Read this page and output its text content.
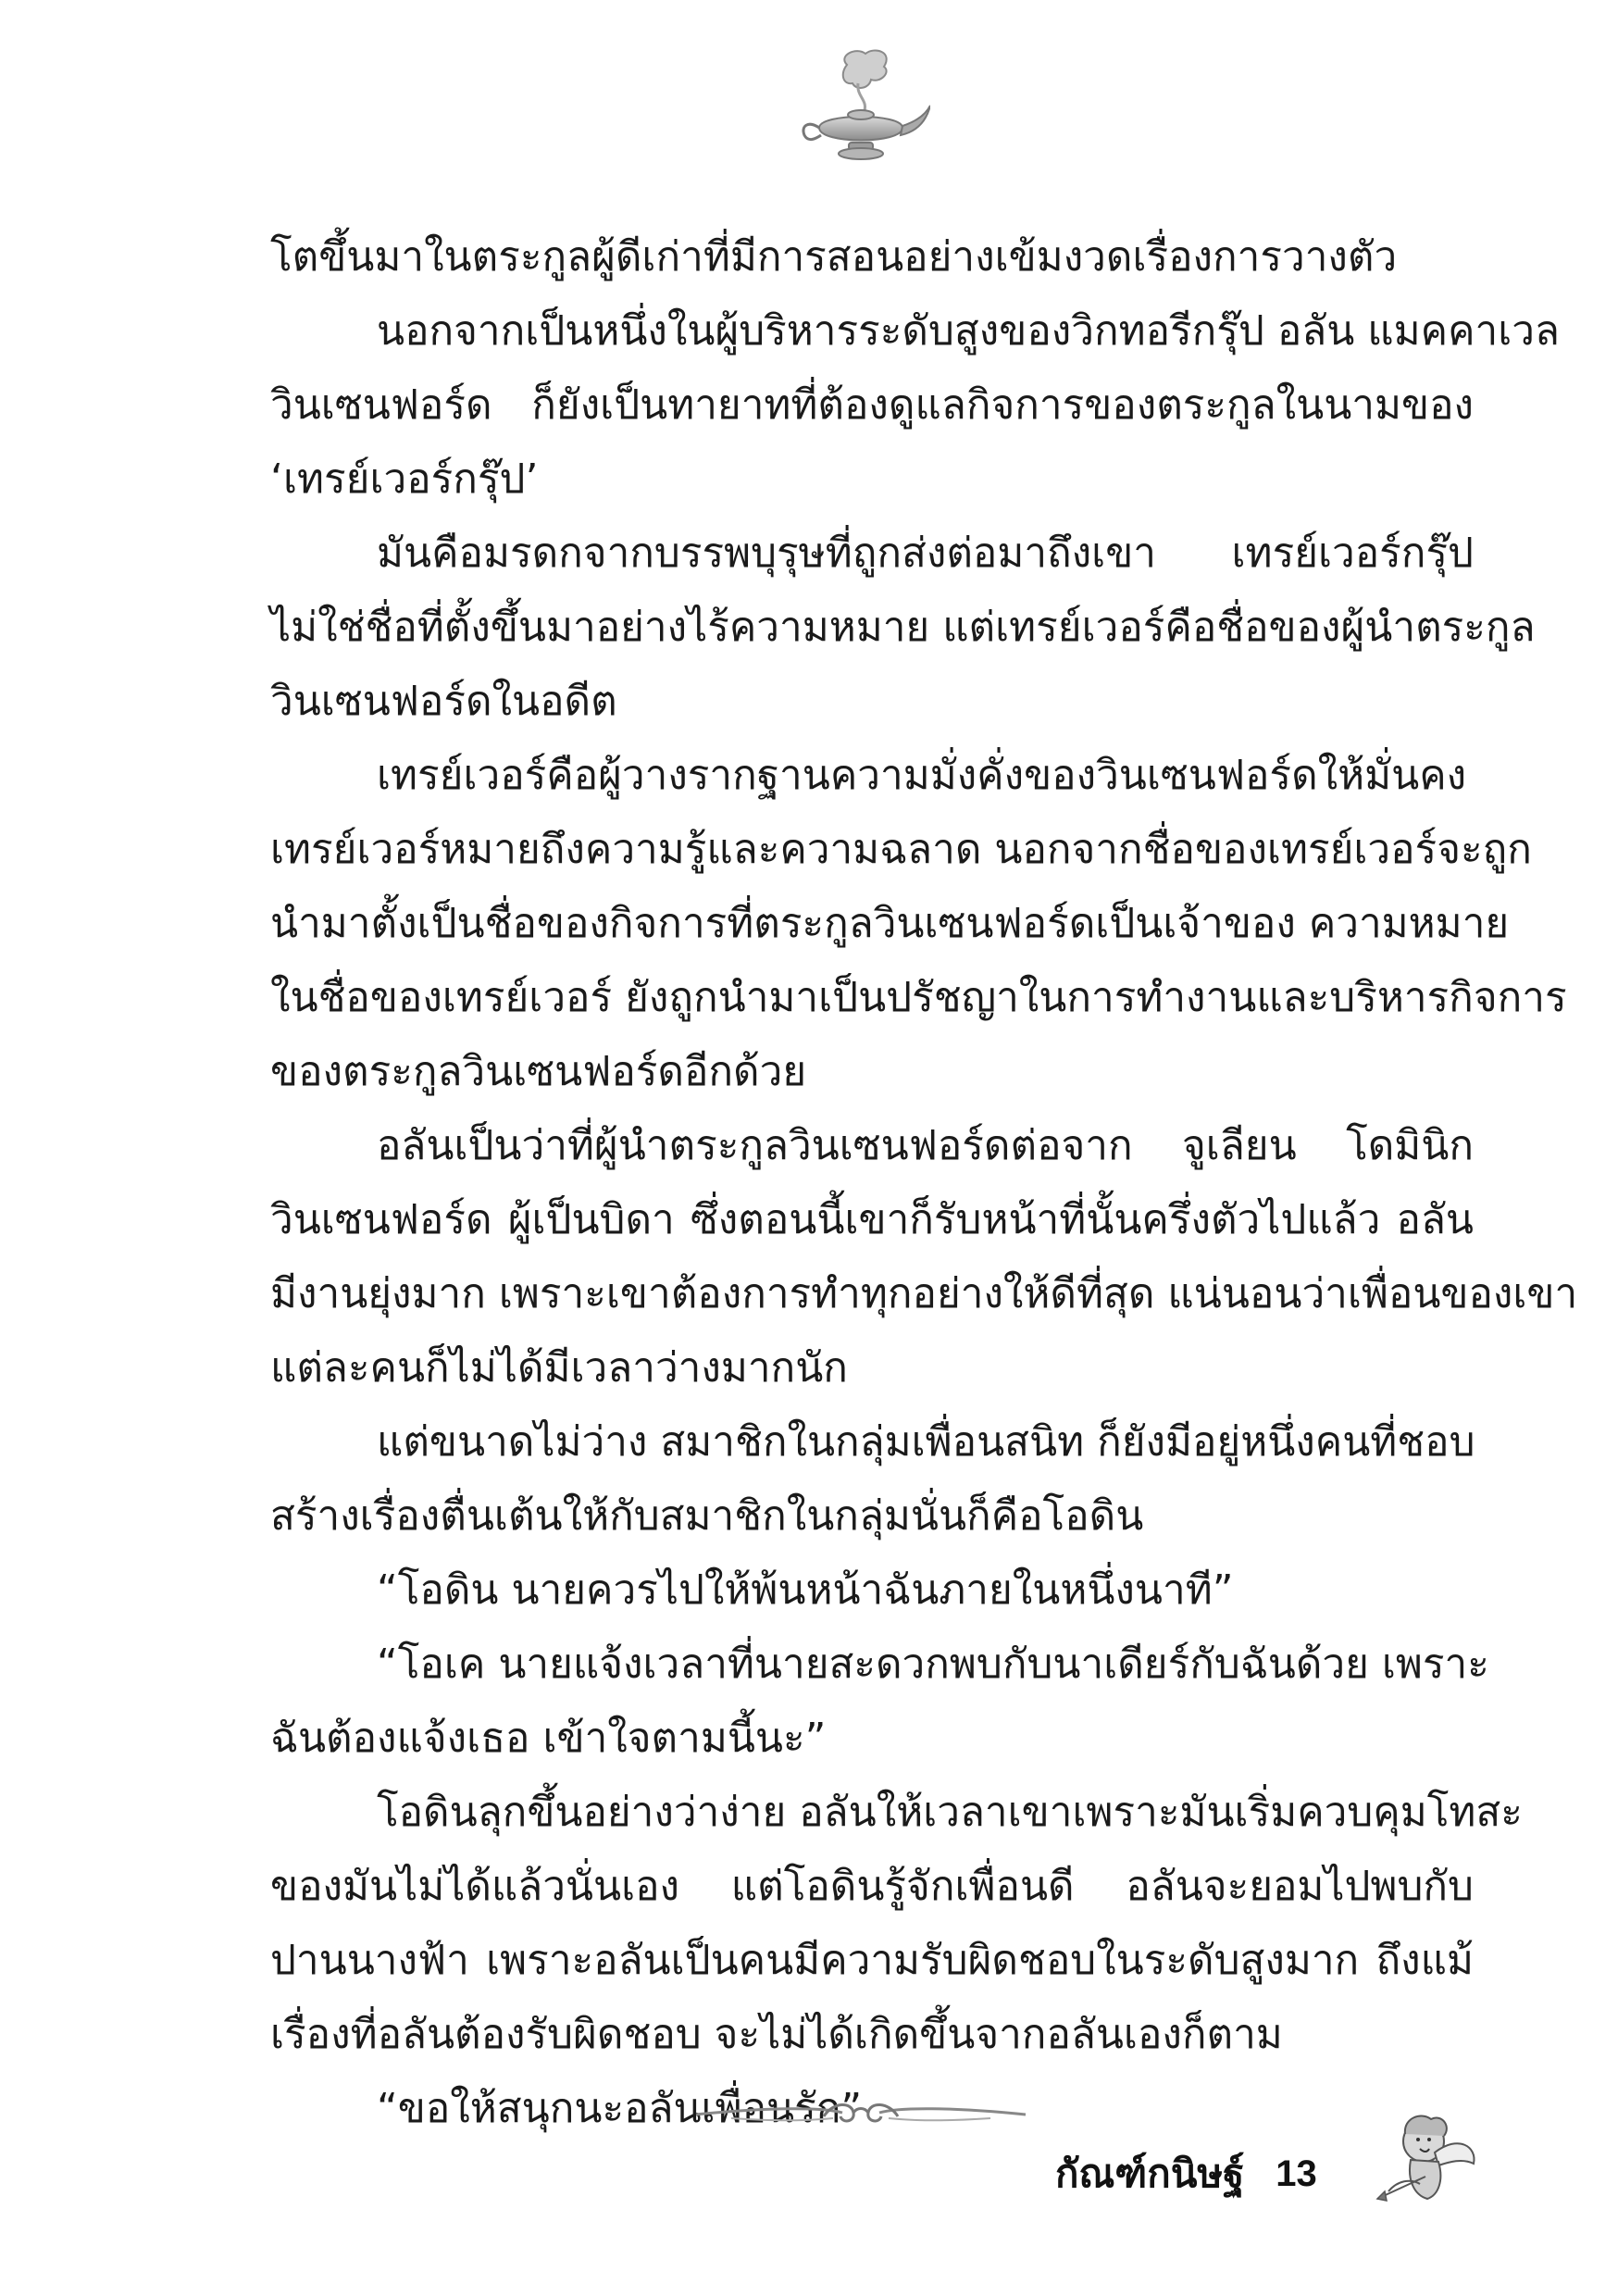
โตขึ้นมาในตระกูลผู้ดีเก่าที่มีการสอนอย่างเข้มงวดเรื่องการวางตัว
นอกจากเป็นหนึ่งในผู้บริหารระดับสูงของวิกทอรีกรุ๊ป อลัน แมคคาเวล
วินเซนฟอร์ด ก็ยังเป็นทายาทที่ต้องดูแลกิจการของตระกูลในนามของ
‘เทรย์เวอร์กรุ๊ป’
มันคือมรดกจากบรรพบุรุษที่ถูกส่งต่อมาถึงเขา เทรย์เวอร์กรุ๊ป
ไม่ใช่ชื่อที่ตั้งขึ้นมาอย่างไร้ความหมาย แต่เทรย์เวอร์คือชื่อของผู้นำตระกูล
วินเซนฟอร์ดในอดีต
เทรย์เวอร์คือผู้วางรากฐานความมั่งคั่งของวินเซนฟอร์ดให้มั่นคง
เทรย์เวอร์หมายถึงความรู้และความฉลาด นอกจากชื่อของเทรย์เวอร์จะถูก
นำมาตั้งเป็นชื่อของกิจการที่ตระกูลวินเซนฟอร์ดเป็นเจ้าของ ความหมาย
ในชื่อของเทรย์เวอร์ ยังถูกนำมาเป็นปรัชญาในการทำงานและบริหารกิจการ
ของตระกูลวินเซนฟอร์ดอีกด้วย
อลันเป็นว่าที่ผู้นำตระกูลวินเซนฟอร์ดต่อจาก จูเลียน โดมินิก
วินเซนฟอร์ด ผู้เป็นบิดา ซึ่งตอนนี้เขาก็รับหน้าที่นั้นครึ่งตัวไปแล้ว อลัน
มีงานยุ่งมาก เพราะเขาต้องการทำทุกอย่างให้ดีที่สุด แน่นอนว่าเพื่อนของเขา
แต่ละคนก็ไม่ได้มีเวลาว่างมากนัก
แต่ขนาดไม่ว่าง สมาชิกในกลุ่มเพื่อนสนิท ก็ยังมีอยู่หนึ่งคนที่ชอบ
สร้างเรื่องตื่นเต้นให้กับสมาชิกในกลุ่มนั่นก็คือโอดิน
“โอดิน นายควรไปให้พ้นหน้าฉันภายในหนึ่งนาที”
“โอเค นายแจ้งเวลาที่นายสะดวกพบกับนาเดียร์กับฉันด้วย เพราะ
ฉันต้องแจ้งเธอ เข้าใจตามนี้นะ”
โอดินลุกขึ้นอย่างว่าง่าย อลันให้เวลาเขาเพราะมันเริ่มควบคุมโทสะ
ของมันไม่ได้แล้วนั่นเอง แต่โอดินรู้จักเพื่อนดี อลันจะยอมไปพบกับ
ปานนางฟ้า เพราะอลันเป็นคนมีความรับผิดชอบในระดับสูงมาก ถึงแม้
เรื่องที่อลันต้องรับผิดชอบ จะไม่ได้เกิดขึ้นจากอลันเองก็ตาม
“ขอให้สนุกนะอลันเพื่อนรัก”
กัณฑ์กนิษฐ์ 13
